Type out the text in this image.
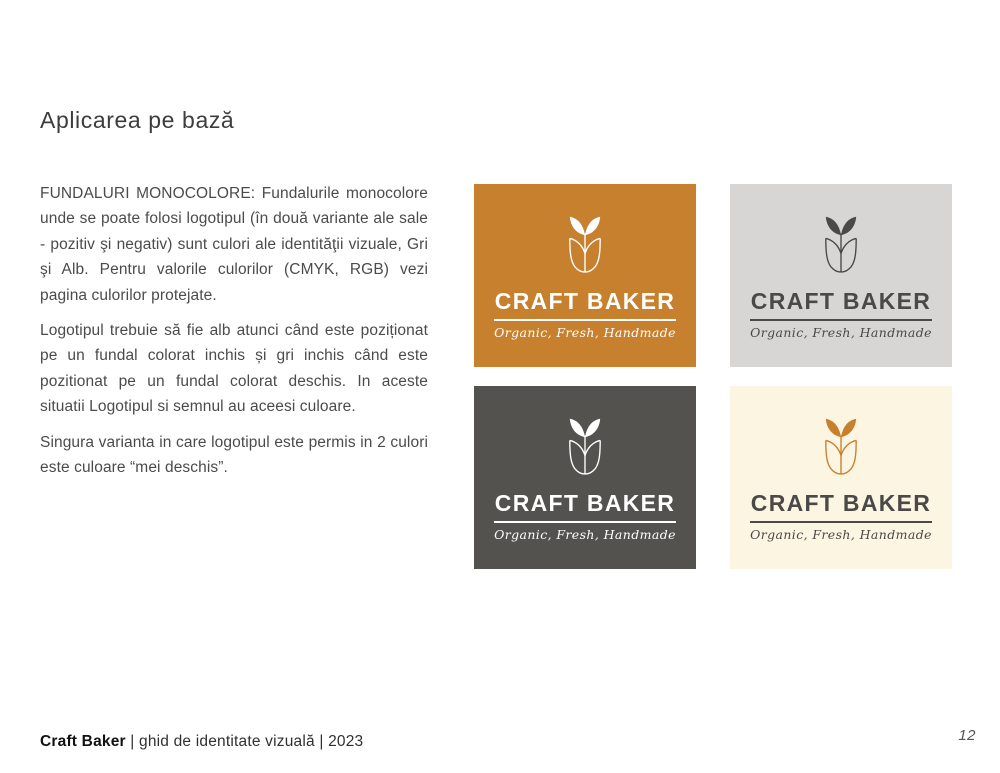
Aplicarea pe bază

FUNDALURI MONOCOLORE: Fundalurile monocolore unde se poate folosi logotipul (în două variante ale sale - pozitiv şi negativ) sunt culori ale identităţii vizuale, Gri şi Alb. Pentru valorile culorilor (CMYK, RGB) vezi pagina culorilor protejate.

Logotipul trebuie să fie alb atunci când este poziționat pe un fundal colorat inchis și gri inchis când este pozitionat pe un fundal colorat deschis. In aceste situatii Logotipul si semnul au aceesi culoare.

Singura varianta in care logotipul este permis in 2 culori este culoare “mei deschis”.

CRAFT BAKER
Organic, Fresh, Handmade
CRAFT BAKER
Organic, Fresh, Handmade
CRAFT BAKER
Organic, Fresh, Handmade
CRAFT BAKER
Organic, Fresh, Handmade
Craft Baker | ghid de identitate vizuală | 2023	12
